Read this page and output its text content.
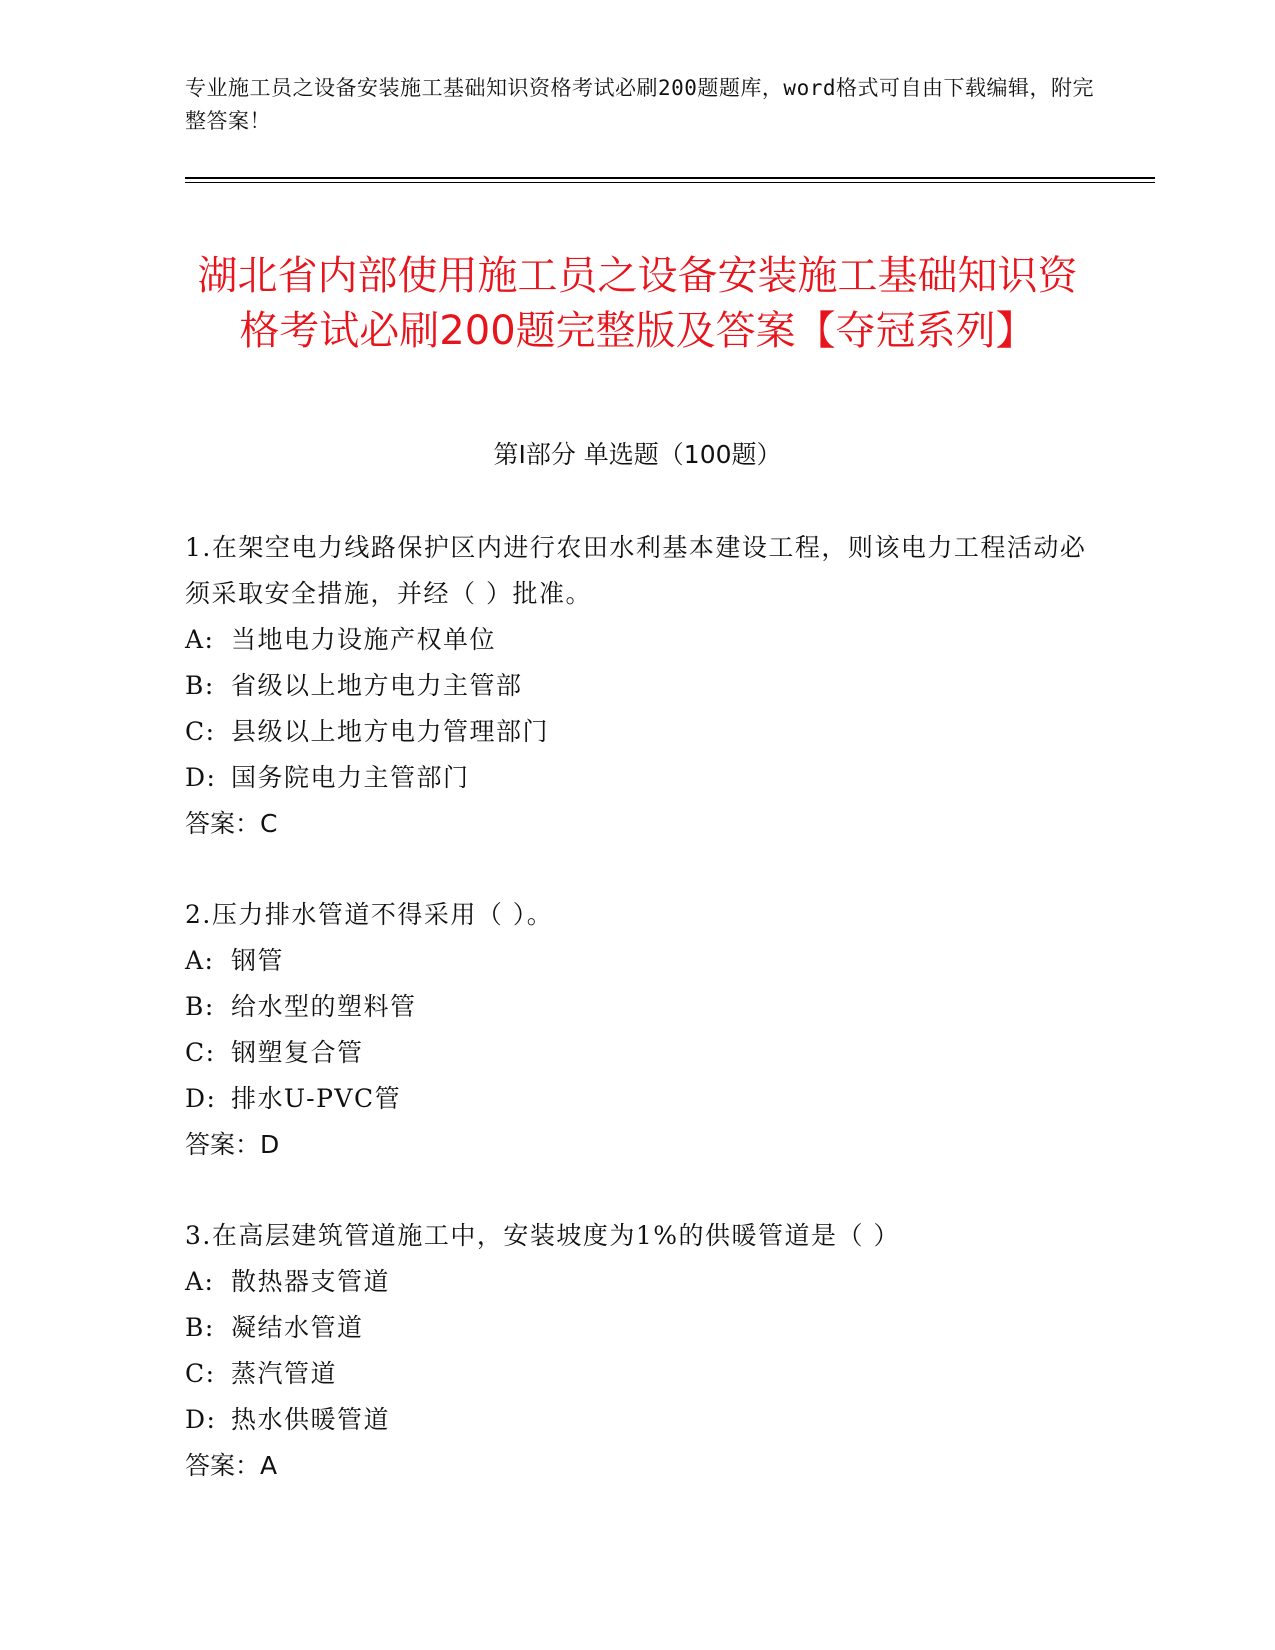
专业施工员之设备安装施工基础知识资格考试必刷200题题库，word格式可自由下载编辑，附完整答案！
湖北省内部使用施工员之设备安装施工基础知识资格考试必刷200题完整版及答案【夺冠系列】
第Ⅰ部分 单选题（100题）
1.在架空电力线路保护区内进行农田水利基本建设工程，则该电力工程活动必须采取安全措施，并经（ ）批准。
A: 当地电力设施产权单位
B: 省级以上地方电力主管部
C: 县级以上地方电力管理部门
D: 国务院电力主管部门
答案：C
2.压力排水管道不得采用（ ）。
A: 钢管
B: 给水型的塑料管
C: 钢塑复合管
D: 排水U-PVC管
答案：D
3.在高层建筑管道施工中，安装坡度为1%的供暖管道是（ ）
A: 散热器支管道
B: 凝结水管道
C: 蒸汽管道
D: 热水供暖管道
答案：A
